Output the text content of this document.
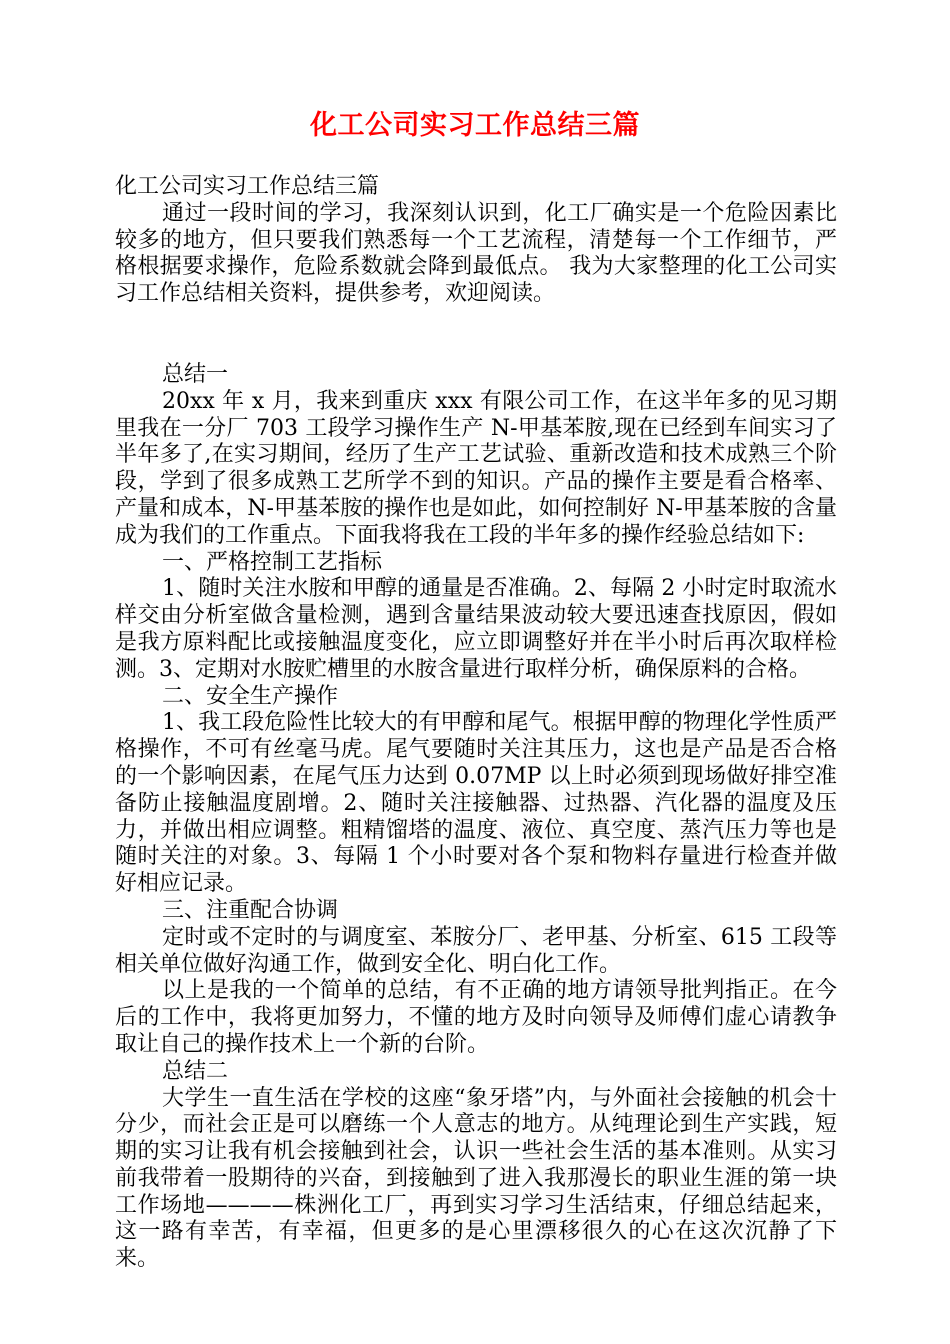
化工公司实习工作总结三篇

化工公司实习工作总结三篇

通过一段时间的学习，我深刻认识到，化工厂确实是一个危险因素比较多的地方，但只要我们熟悉每一个工艺流程，清楚每一个工作细节，严格根据要求操作，危险系数就会降到最低点。 我为大家整理的化工公司实习工作总结相关资料，提供参考，欢迎阅读。

总结一

20xx 年 x 月，我来到重庆 xxx 有限公司工作，在这半年多的见习期里我在一分厂 703 工段学习操作生产 N-甲基苯胺,现在已经到车间实习了半年多了,在实习期间，经历了生产工艺试验、重新改造和技术成熟三个阶段，学到了很多成熟工艺所学不到的知识。产品的操作主要是看合格率、产量和成本，N-甲基苯胺的操作也是如此，如何控制好 N-甲基苯胺的含量成为我们的工作重点。下面我将我在工段的半年多的操作经验总结如下:

一、严格控制工艺指标

1、随时关注水胺和甲醇的通量是否准确。2、每隔 2 小时定时取流水样交由分析室做含量检测，遇到含量结果波动较大要迅速查找原因，假如是我方原料配比或接触温度变化，应立即调整好并在半小时后再次取样检测。3、定期对水胺贮槽里的水胺含量进行取样分析，确保原料的合格。

二、安全生产操作

1、我工段危险性比较大的有甲醇和尾气。根据甲醇的物理化学性质严格操作，不可有丝毫马虎。尾气要随时关注其压力，这也是产品是否合格的一个影响因素，在尾气压力达到 0.07MP 以上时必须到现场做好排空准备防止接触温度剧增。2、随时关注接触器、过热器、汽化器的温度及压力，并做出相应调整。粗精馏塔的温度、液位、真空度、蒸汽压力等也是随时关注的对象。3、每隔 1 个小时要对各个泵和物料存量进行检查并做好相应记录。

三、注重配合协调

定时或不定时的与调度室、苯胺分厂、老甲基、分析室、615 工段等相关单位做好沟通工作，做到安全化、明白化工作。

以上是我的一个简单的总结，有不正确的地方请领导批判指正。在今后的工作中，我将更加努力，不懂的地方及时向领导及师傅们虚心请教争取让自己的操作技术上一个新的台阶。

总结二

大学生一直生活在学校的这座“象牙塔”内，与外面社会接触的机会十分少，而社会正是可以磨练一个人意志的地方。从纯理论到生产实践，短期的实习让我有机会接触到社会，认识一些社会生活的基本准则。从实习前我带着一股期待的兴奋，到接触到了进入我那漫长的职业生涯的第一块工作场地————株洲化工厂，再到实习学习生活结束，仔细总结起来，这一路有幸苦，有幸福，但更多的是心里漂移很久的心在这次沉静了下来。
